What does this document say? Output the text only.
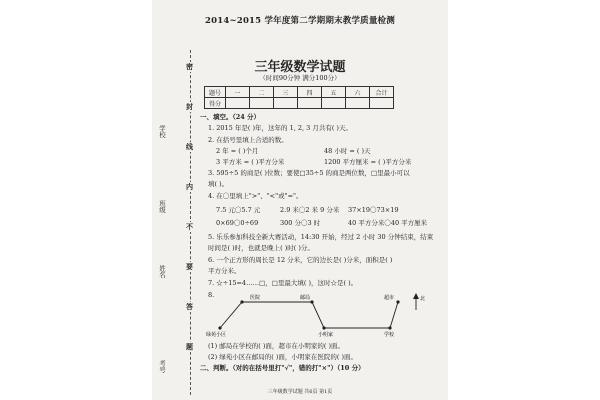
学校
班级
姓名
考号
密
封
线
内
不
要
答
题
2014~2015 学年度第二学期期末教学质量检测
三年级数学试题
（时间90分钟 满分100分）
题号	一	二	三	四	五	六	合计
得分							
一、填空。（24 分）
1. 2015 年是( )年，这年的 1, 2, 3 月共有( )天。
2. 在括号里填上合适的数。
2 年 = ( )个月	48 小时 = ( )天
3 平方米 = ( )平方分米	1200 平方厘米 = ( )平方分米
3. 595÷5 的商是( )位数；要使□35÷5 的商是两位数，□里最小可以
填( )。
4. 在〇里填上">"、"<"或"="。
7.5 元〇5.7 元	2.9 米〇2 米 9 分米 37×19〇73×19
0×69〇0÷69	300 分〇3 时	40 平方分米〇40 平方厘米
5. 乐乐参加科技全新大赛活动，14:30 开始，经过 2 小时 30 分钟结束，结束
时间是( )时，也就是晚上( )时( )分。
6. 一个正方形的周长是 12 分米，它的边长是( )分米，面积是( )
平方分米。
7. ☆÷15=4……□，□里最大填( )，这时☆是( )。
8.	医院	邮局	超市	北
绿苑小区	小明家	学校
(1) 邮局在学校的( )面，超市在小明家的( )面。
(2) 绿苑小区在邮局的( )面，小明家在医院的( )面。
二、判断。（对的在括号里打"√"，错的打"×"）（10 分）
三年级数学试题 共6页 第1页
